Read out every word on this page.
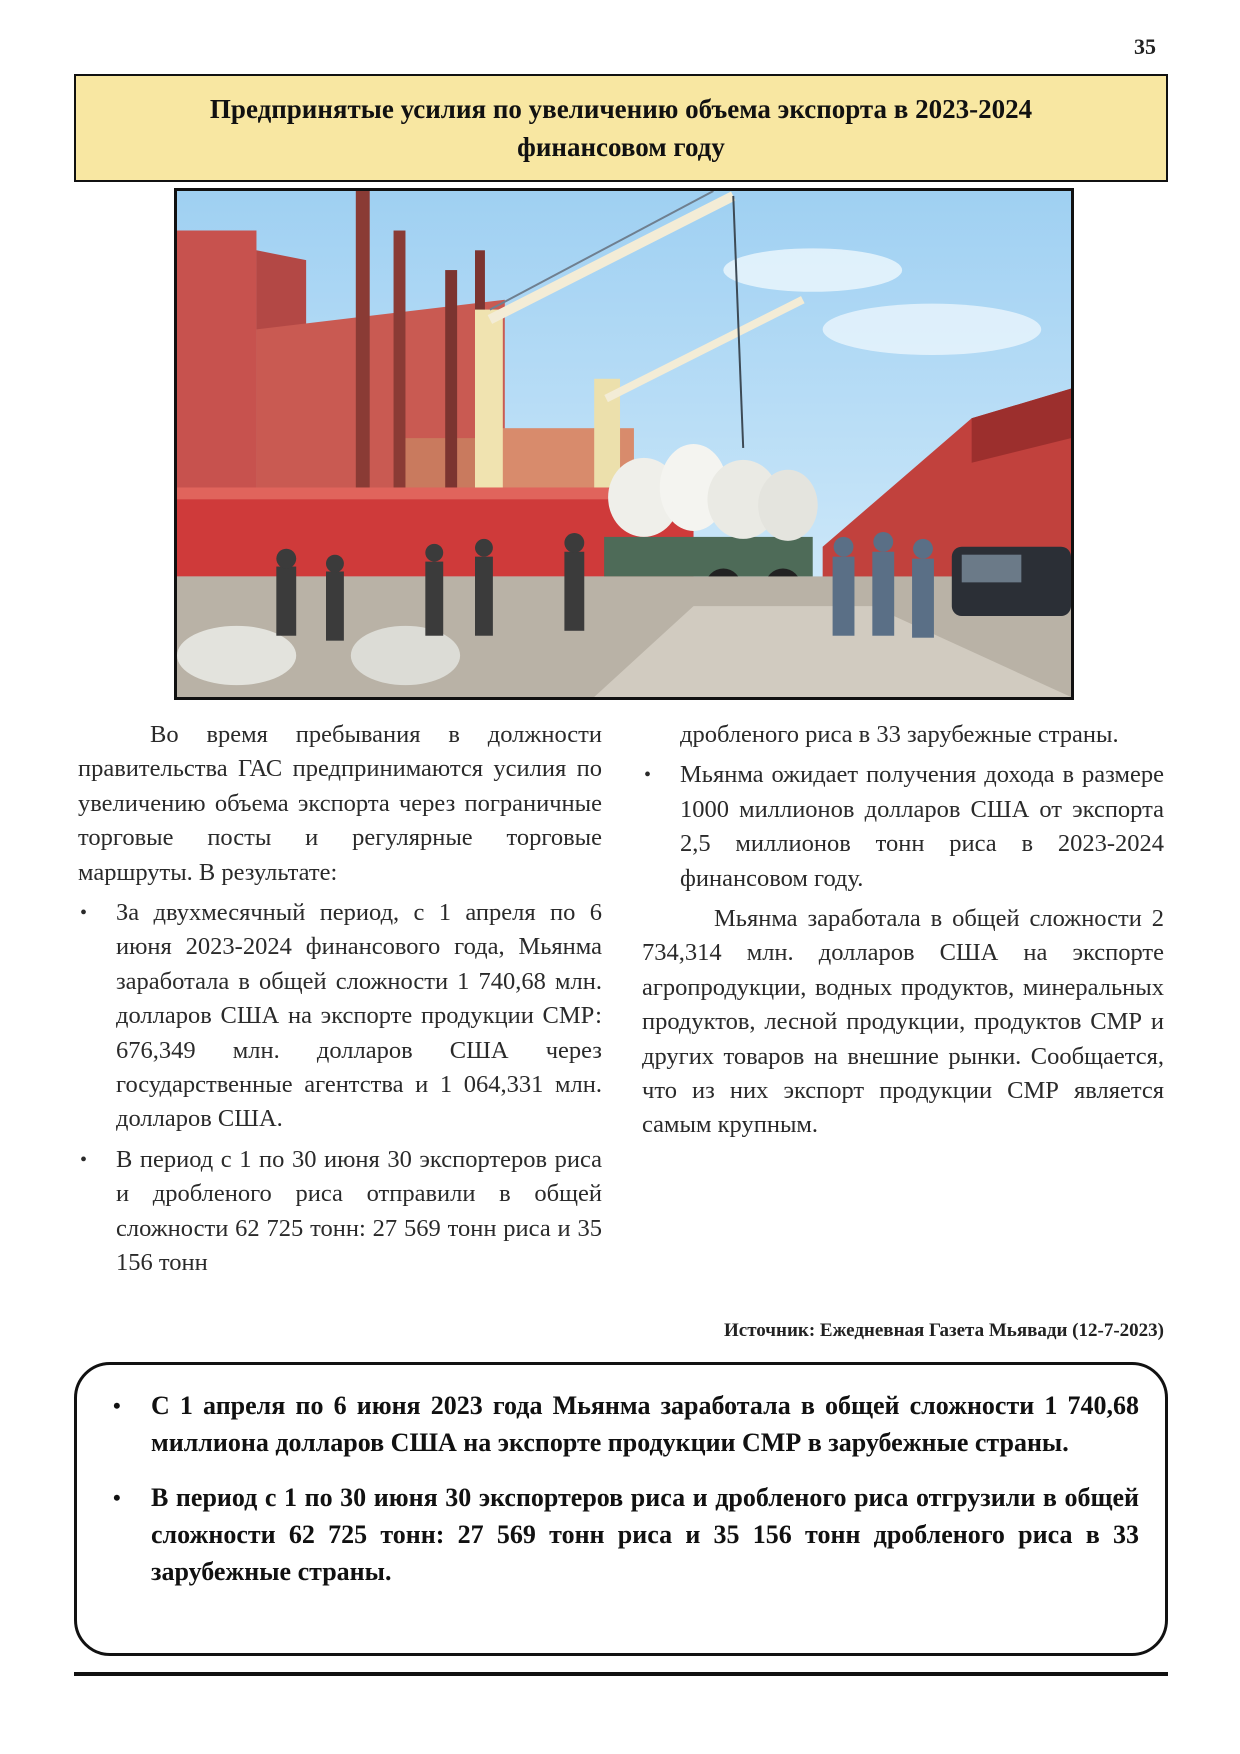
35
Предпринятые усилия по увеличению объема экспорта в 2023-2024 финансовом году

Во время пребывания в должности правительства ГАС предпринимаются усилия по увеличению объема экспорта через пограничные торговые посты и регулярные торговые маршруты. В результате:

• За двухмесячный период, с 1 апреля по 6 июня 2023-2024 финансового года, Мьянма заработала в общей сложности 1 740,68 млн. долларов США на экспорте продукции СМР: 676,349 млн. долларов США через государственные агентства и 1 064,331 млн. долларов США.
• В период с 1 по 30 июня 30 экспортеров риса и дробленого риса отправили в общей сложности 62 725 тонн: 27 569 тонн риса и 35 156 тонн

дробленого риса в 33 зарубежные страны.

• Мьянма ожидает получения дохода в размере 1000 миллионов долларов США от экспорта 2,5 миллионов тонн риса в 2023-2024 финансовом году.

Мьянма заработала в общей сложности 2 734,314 млн. долларов США на экспорте агропродукции, водных продуктов, минеральных продуктов, лесной продукции, продуктов СМР и других товаров на внешние рынки. Сообщается, что из них экспорт продукции СМР является самым крупным.

Источник: Ежедневная Газета Мьявади (12-7-2023)
• С 1 апреля по 6 июня 2023 года Мьянма заработала в общей сложности 1 740,68 миллиона долларов США на экспорте продукции СМР в зарубежные страны.
• В период с 1 по 30 июня 30 экспортеров риса и дробленого риса отгрузили в общей сложности 62 725 тонн: 27 569 тонн риса и 35 156 тонн дробленого риса в 33 зарубежные страны.
